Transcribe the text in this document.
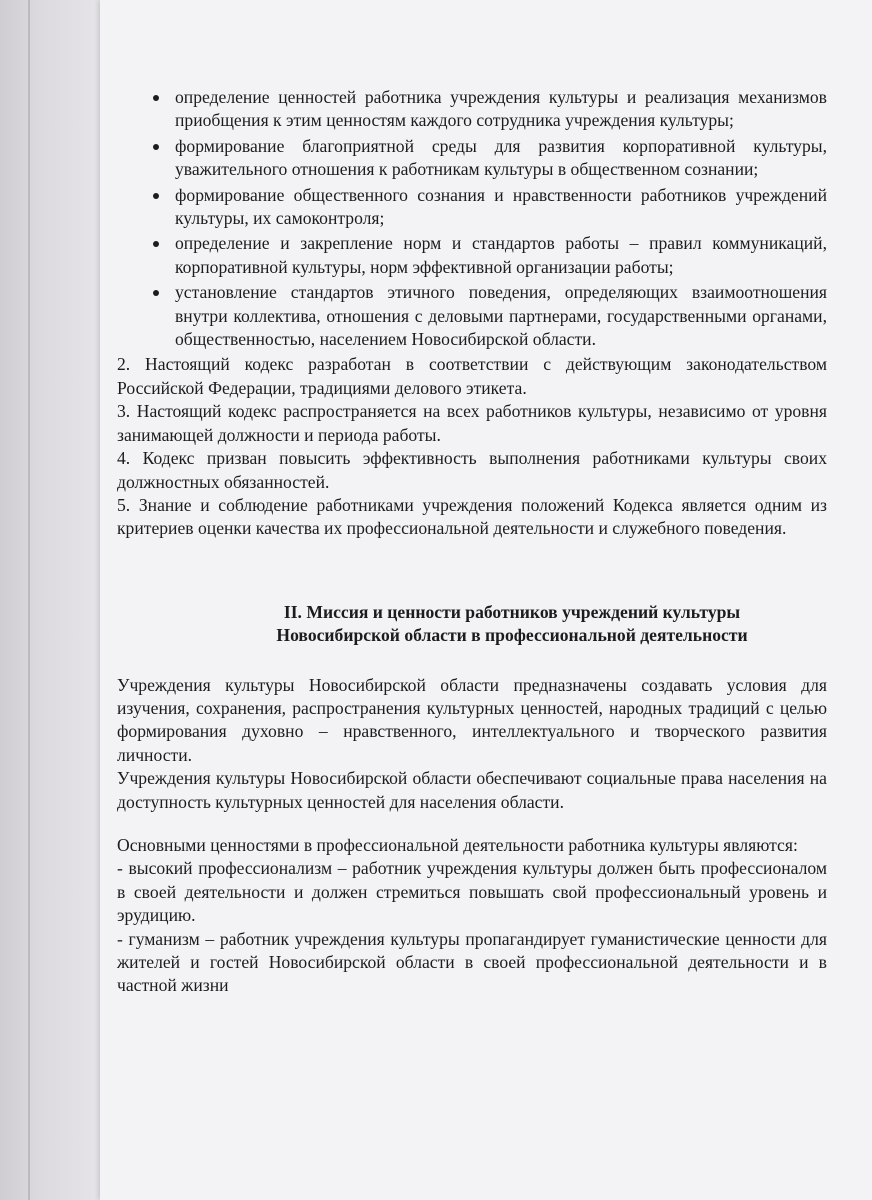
определение ценностей работника учреждения культуры и реализация механизмов приобщения к этим ценностям каждого сотрудника учреждения культуры;
формирование благоприятной среды для развития корпоративной культуры, уважительного отношения к работникам культуры в общественном сознании;
формирование общественного сознания и нравственности работников учреждений культуры, их самоконтроля;
определение и закрепление норм и стандартов работы – правил коммуникаций, корпоративной культуры, норм эффективной организации работы;
установление стандартов этичного поведения, определяющих взаимоотношения внутри коллектива, отношения с деловыми партнерами, государственными органами, общественностью, населением Новосибирской области.

2. Настоящий кодекс разработан в соответствии с действующим законодательством Российской Федерации, традициями делового этикета.

3. Настоящий кодекс распространяется на всех работников культуры, независимо от уровня занимающей должности и периода работы.

4. Кодекс призван повысить эффективность выполнения работниками культуры своих должностных обязанностей.

5. Знание и соблюдение работниками учреждения положений Кодекса является одним из критериев оценки качества их профессиональной деятельности и служебного поведения.

II. Миссия и ценности работников учреждений культуры
Новосибирской области в профессиональной деятельности

Учреждения культуры Новосибирской области предназначены создавать условия для изучения, сохранения, распространения культурных ценностей, народных традиций с целью формирования духовно – нравственного, интеллектуального и творческого развития личности.

Учреждения культуры Новосибирской области обеспечивают социальные права населения на доступность культурных ценностей для населения области.

Основными ценностями в профессиональной деятельности работника культуры являются:

- высокий профессионализм – работник учреждения культуры должен быть профессионалом в своей деятельности и должен стремиться повышать свой профессиональный уровень и эрудицию.

- гуманизм – работник учреждения культуры пропагандирует гуманистические ценности для жителей и гостей Новосибирской области в своей профессиональной деятельности и в частной жизни
